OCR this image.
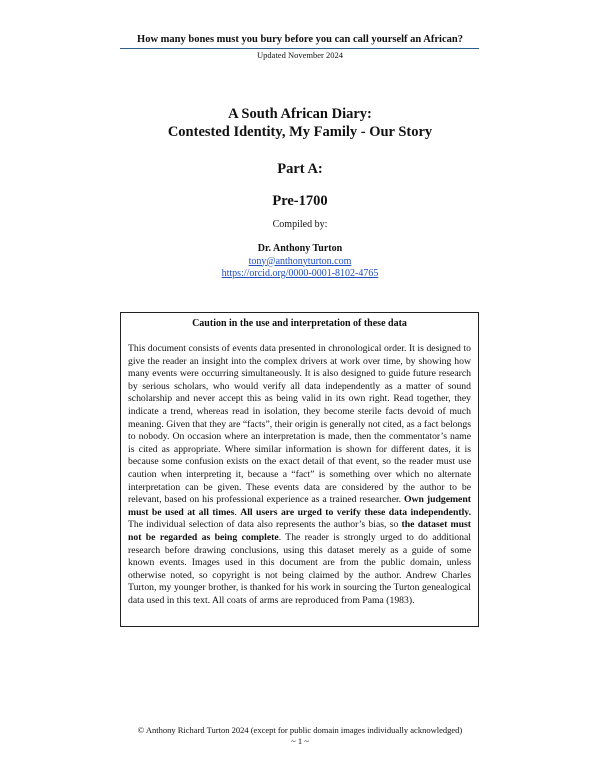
How many bones must you bury before you can call yourself an African?
Updated November 2024
A South African Diary:
Contested Identity, My Family - Our Story
Part A:
Pre-1700
Compiled by:
Dr. Anthony Turton
tony@anthonyturton.com
https://orcid.org/0000-0001-8102-4765
Caution in the use and interpretation of these data
This document consists of events data presented in chronological order. It is designed to give the reader an insight into the complex drivers at work over time, by showing how many events were occurring simultaneously. It is also designed to guide future research by serious scholars, who would verify all data independently as a matter of sound scholarship and never accept this as being valid in its own right. Read together, they indicate a trend, whereas read in isolation, they become sterile facts devoid of much meaning. Given that they are “facts”, their origin is generally not cited, as a fact belongs to nobody. On occasion where an interpretation is made, then the commentator’s name is cited as appropriate. Where similar information is shown for different dates, it is because some confusion exists on the exact detail of that event, so the reader must use caution when interpreting it, because a “fact” is something over which no alternate interpretation can be given. These events data are considered by the author to be relevant, based on his professional experience as a trained researcher. Own judgement must be used at all times. All users are urged to verify these data independently. The individual selection of data also represents the author’s bias, so the dataset must not be regarded as being complete. The reader is strongly urged to do additional research before drawing conclusions, using this dataset merely as a guide of some known events. Images used in this document are from the public domain, unless otherwise noted, so copyright is not being claimed by the author. Andrew Charles Turton, my younger brother, is thanked for his work in sourcing the Turton genealogical data used in this text. All coats of arms are reproduced from Pama (1983).
© Anthony Richard Turton 2024 (except for public domain images individually acknowledged)
~ 1 ~
